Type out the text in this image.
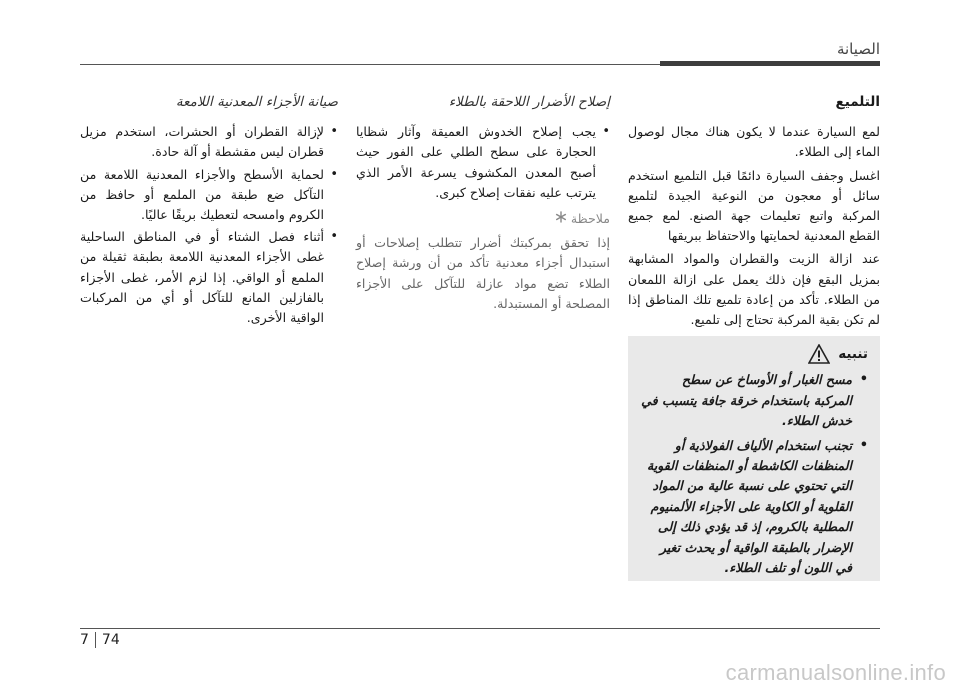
الصيانة
التلميع

لمع السيارة عندما لا يكون هناك مجال لوصول الماء إلى الطلاء.

اغسل وجفف السيارة دائمًا قبل التلميع استخدم سائل أو معجون من النوعية الجيدة لتلميع المركبة واتبع تعليمات جهة الصنع. لمع جميع القطع المعدنية لحمايتها والاحتفاظ ببريقها

عند ازالة الزيت والقطران والمواد المشابهة بمزيل البقع فإن ذلك يعمل على ازالة اللمعان من الطلاء. تأكد من إعادة تلميع تلك المناطق إذا لم تكن بقية المركبة تحتاج إلى تلميع.

تنبيه
• مسح الغبار أو الأوساخ عن سطح المركبة باستخدام خرقة جافة يتسبب في خدش الطلاء.
• تجنب استخدام الألياف الفولاذية أو المنظفات الكاشطة أو المنظفات القوية التي تحتوي على نسبة عالية من المواد القلوية أو الكاوية على الأجزاء الألمنيوم المطلية بالكروم، إذ قد يؤدي ذلك إلى الإضرار بالطبقة الواقية أو يحدث تغير في اللون أو تلف الطلاء.
إصلاح الأضرار اللاحقة بالطلاء
• يجب إصلاح الخدوش العميقة وآثار شظايا الحجارة على سطح الطلي على الفور حيث أصبح المعدن المكشوف يسرعة الأمر الذي يترتب عليه نفقات إصلاح كبرى.
ملاحظة

إذا تحقق بمركبتك أضرار تتطلب إصلاحات أو استبدال أجزاء معدنية تأكد من أن ورشة إصلاح الطلاء تضع مواد عازلة للتآكل على الأجزاء المصلحة أو المستبدلة.

صيانة الأجزاء المعدنية اللامعة
• لإزالة القطران أو الحشرات، استخدم مزيل قطران ليس مقشطة أو آلة حادة.
• لحماية الأسطح والأجزاء المعدنية اللامعة من التآكل ضع طبقة من الملمع أو حافظ من الكروم وامسحه لتعطيك بريقًا عاليًا.
• أثناء فصل الشتاء أو في المناطق الساحلية غطى الأجزاء المعدنية اللامعة بطبقة ثقيلة من الملمع أو الواقي. إذا لزم الأمر، غطى الأجزاء بالفازلين المانع للتآكل أو أي من المركبات الواقية الأخرى.
7 74
carmanualsonline.info
